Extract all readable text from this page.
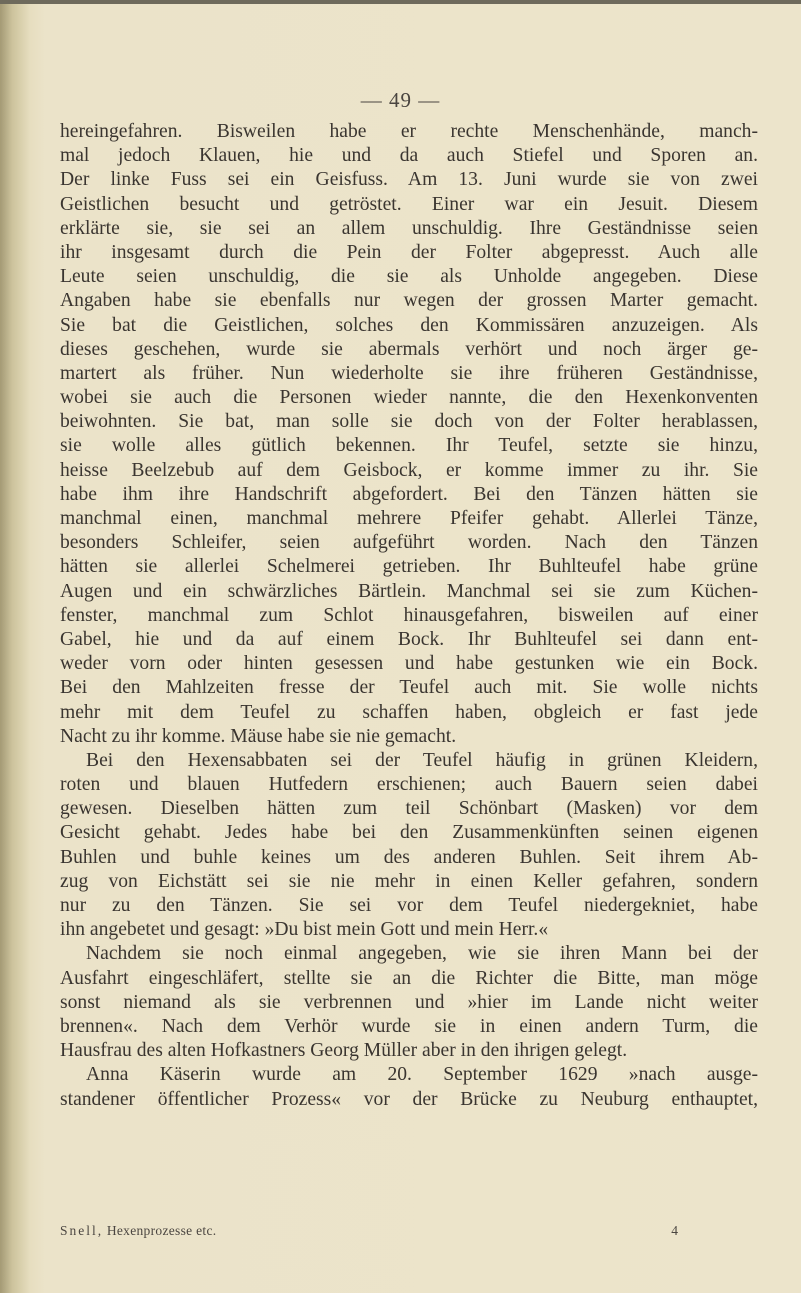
— 49 —
hereingefahren. Bisweilen habe er rechte Menschenhände, manch-
mal jedoch Klauen, hie und da auch Stiefel und Sporen an.
Der linke Fuss sei ein Geisfuss. Am 13. Juni wurde sie von zwei
Geistlichen besucht und getröstet. Einer war ein Jesuit. Diesem
erklärte sie, sie sei an allem unschuldig. Ihre Geständnisse seien
ihr insgesamt durch die Pein der Folter abgepresst. Auch alle
Leute seien unschuldig, die sie als Unholde angegeben. Diese
Angaben habe sie ebenfalls nur wegen der grossen Marter gemacht.
Sie bat die Geistlichen, solches den Kommissären anzuzeigen. Als
dieses geschehen, wurde sie abermals verhört und noch ärger ge-
martert als früher. Nun wiederholte sie ihre früheren Geständnisse,
wobei sie auch die Personen wieder nannte, die den Hexenkonventen
beiwohnten. Sie bat, man solle sie doch von der Folter herablassen,
sie wolle alles gütlich bekennen. Ihr Teufel, setzte sie hinzu,
heisse Beelzebub auf dem Geisbock, er komme immer zu ihr. Sie
habe ihm ihre Handschrift abgefordert. Bei den Tänzen hätten sie
manchmal einen, manchmal mehrere Pfeifer gehabt. Allerlei Tänze,
besonders Schleifer, seien aufgeführt worden. Nach den Tänzen
hätten sie allerlei Schelmerei getrieben. Ihr Buhlteufel habe grüne
Augen und ein schwärzliches Bärtlein. Manchmal sei sie zum Küchen-
fenster, manchmal zum Schlot hinausgefahren, bisweilen auf einer
Gabel, hie und da auf einem Bock. Ihr Buhlteufel sei dann ent-
weder vorn oder hinten gesessen und habe gestunken wie ein Bock.
Bei den Mahlzeiten fresse der Teufel auch mit. Sie wolle nichts
mehr mit dem Teufel zu schaffen haben, obgleich er fast jede
Nacht zu ihr komme. Mäuse habe sie nie gemacht.
Bei den Hexensabbaten sei der Teufel häufig in grünen Kleidern,
roten und blauen Hutfedern erschienen; auch Bauern seien dabei
gewesen. Dieselben hätten zum teil Schönbart (Masken) vor dem
Gesicht gehabt. Jedes habe bei den Zusammenkünften seinen eigenen
Buhlen und buhle keines um des anderen Buhlen. Seit ihrem Ab-
zug von Eichstätt sei sie nie mehr in einen Keller gefahren, sondern
nur zu den Tänzen. Sie sei vor dem Teufel niedergekniet, habe
ihn angebetet und gesagt: »Du bist mein Gott und mein Herr.«
Nachdem sie noch einmal angegeben, wie sie ihren Mann bei der
Ausfahrt eingeschläfert, stellte sie an die Richter die Bitte, man möge
sonst niemand als sie verbrennen und »hier im Lande nicht weiter
brennen«. Nach dem Verhör wurde sie in einen andern Turm, die
Hausfrau des alten Hofkastners Georg Müller aber in den ihrigen gelegt.
Anna Käserin wurde am 20. September 1629 »nach ausge-
standener öffentlicher Prozess« vor der Brücke zu Neuburg enthauptet,
Snell, Hexenprozesse etc.	4
